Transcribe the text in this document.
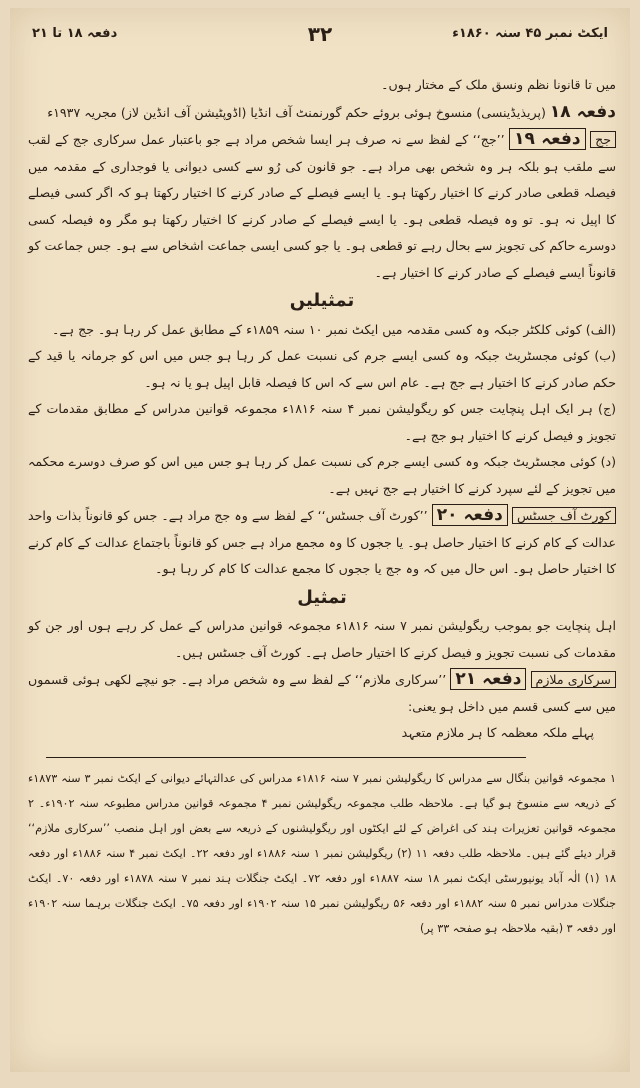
ایکٹ نمبر ۴۵ سنہ ۱۸۶۰ء
۳۲
دفعہ ۱۸ تا ۲۱
میں تا قانونا نظم ونسق ملک کے مختار ہوں۔
دفعہ ۱۸ (پریذیڈینسی) منسوخ ہوئی بروئے حکم گورنمنٹ آف انڈیا (اڈوپٹیشن آف انڈین لاز) مجریہ ۱۹۳۷ء
جج دفعہ ۱۹ ’’جج‘‘ کے لفظ سے نہ صرف ہر ایسا شخص مراد ہے جو باعتبار عمل سرکاری جج کے لقب سے ملقب ہو بلکہ ہر وہ شخص بھی مراد ہے۔ جو قانون کی رُو سے کسی دیوانی یا فوجداری کے مقدمہ میں فیصلہ قطعی صادر کرنے کا اختیار رکھتا ہو۔ یا ایسے فیصلے کے صادر کرنے کا اختیار رکھتا ہو کہ اگر کسی فیصلے کا اپیل نہ ہو۔ تو وہ فیصلہ قطعی ہو۔ یا ایسے فیصلے کے صادر کرنے کا اختیار رکھتا ہو مگر وہ فیصلہ کسی دوسرے حاکم کی تجویز سے بحال رہے تو قطعی ہو۔ یا جو کسی ایسی جماعت اشخاص سے ہو۔ جس جماعت کو قانوناً ایسے فیصلے کے صادر کرنے کا اختیار ہے۔
تمثیلیں
(الف) کوئی کلکٹر جبکہ وہ کسی مقدمہ میں ایکٹ نمبر ۱۰ سنہ ۱۸۵۹ء کے مطابق عمل کر رہا ہو۔ جج ہے۔
(ب) کوئی مجسٹریٹ جبکہ وہ کسی ایسے جرم کی نسبت عمل کر رہا ہو جس میں اس کو جرمانہ یا قید کے حکم صادر کرنے کا اختیار ہے جج ہے۔ عام اس سے کہ اس کا فیصلہ قابل اپیل ہو یا نہ ہو۔
(ج) ہر ایک اہل پنچایت جس کو ریگولیشن نمبر ۴ سنہ ۱۸۱۶ء مجموعہ قوانین مدراس کے مطابق مقدمات کے تجویز و فیصل کرنے کا اختیار ہو جج ہے۔
(د) کوئی مجسٹریٹ جبکہ وہ کسی ایسے جرم کی نسبت عمل کر رہا ہو جس میں اس کو صرف دوسرے محکمہ میں تجویز کے لئے سپرد کرنے کا اختیار ہے جج نہیں ہے۔
کورٹ آف جسٹس دفعہ ۲۰ ’’کورٹ آف جسٹس‘‘ کے لفظ سے وہ جج مراد ہے۔ جس کو قانوناً بذات واحد عدالت کے کام کرنے کا اختیار حاصل ہو۔ یا ججوں کا وہ مجمع مراد ہے جس کو قانوناً باجتماع عدالت کے کام کرنے کا اختیار حاصل ہو۔ اس حال میں کہ وہ جج یا ججوں کا مجمع عدالت کا کام کر رہا ہو۔
تمثیل
اہل پنچایت جو بموجب ریگولیشن نمبر ۷ سنہ ۱۸۱۶ء مجموعہ قوانین مدراس کے عمل کر رہے ہوں اور جن کو مقدمات کی نسبت تجویز و فیصل کرنے کا اختیار حاصل ہے۔ کورٹ آف جسٹس ہیں۔
سرکاری ملازم دفعہ ۲۱ ’’سرکاری ملازم‘‘ کے لفظ سے وہ شخص مراد ہے۔ جو نیچے لکھی ہوئی قسموں میں سے کسی قسم میں داخل ہو یعنی:
پہلے ملکہ معظمہ کا ہر ملازم متعہد
۱ مجموعہ قوانین بنگال سے مدراس کا ریگولیشن نمبر ۷ سنہ ۱۸۱۶ء مدراس کی عدالتہائے دیوانی کے ایکٹ نمبر ۳ سنہ ۱۸۷۳ء کے ذریعہ سے منسوخ ہو گیا ہے۔ ملاحظہ طلب مجموعہ ریگولیشن نمبر ۴ مجموعہ قوانین مدراس مطبوعہ سنہ ۱۹۰۲ء۔ ۲ مجموعہ قوانین تعزیرات ہند کی اغراض کے لئے ایکٹوں اور ریگولیشنوں کے ذریعہ سے بعض اور اہل منصب ’’سرکاری ملازم‘‘ قرار دیئے گئے ہیں۔ ملاحظہ طلب دفعہ ۱۱ (۲) ریگولیشن نمبر ۱ سنہ ۱۸۸۶ء اور دفعہ ۲۲۔ ایکٹ نمبر ۴ سنہ ۱۸۸۶ء اور دفعہ ۱۸ (۱) الٰہ آباد یونیورسٹی ایکٹ نمبر ۱۸ سنہ ۱۸۸۷ء اور دفعہ ۷۲۔ ایکٹ جنگلات ہند نمبر ۷ سنہ ۱۸۷۸ء اور دفعہ ۷۰۔ ایکٹ جنگلات مدراس نمبر ۵ سنہ ۱۸۸۲ء اور دفعہ ۵۶ ریگولیشن نمبر ۱۵ سنہ ۱۹۰۲ء اور دفعہ ۷۵۔ ایکٹ جنگلات برہما سنہ ۱۹۰۲ء اور دفعہ ۳ (بقیہ ملاحظہ ہو صفحہ ۳۳ پر)
